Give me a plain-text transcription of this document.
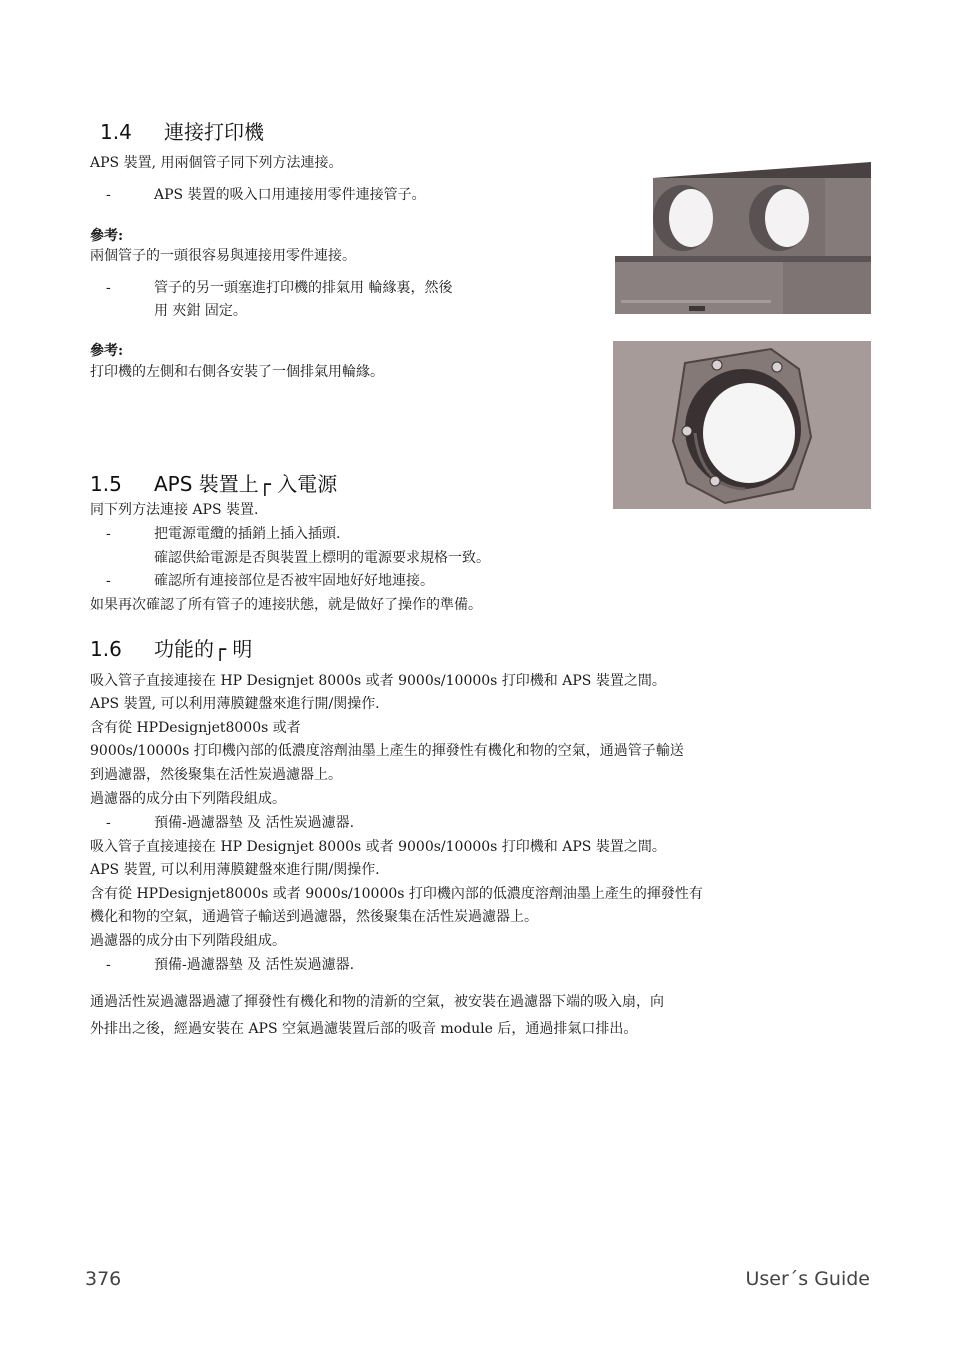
1.4 連接打印機
APS 裝置, 用兩個管子同下列方法連接。
-	APS 裝置的吸入口用連接用零件連接管子。
參考:
兩個管子的一頭很容易與連接用零件連接。
-	管子的另一頭塞進打印機的排氣用 輪緣裏，然後
用 夾鉗 固定。
參考:
打印機的左側和右側各安裝了一個排氣用輪緣。
1.5 APS 裝置上┌ 入電源
同下列方法連接 APS 裝置.
-	把電源電纜的插銷上插入插頭.
確認供給電源是否與裝置上標明的電源要求規格一致。
-	確認所有連接部位是否被牢固地好好地連接。
如果再次確認了所有管子的連接狀態，就是做好了操作的準備。
1.6 功能的┌ 明
吸入管子直接連接在 HP Designjet 8000s 或者 9000s/10000s 打印機和 APS 裝置之間。
APS 裝置, 可以利用薄膜鍵盤來進行開/関操作.
含有從 HPDesignjet8000s 或者
9000s/10000s 打印機內部的低濃度溶劑油墨上產生的揮發性有機化和物的空氣，通過管子輸送
到過濾器，然後聚集在活性炭過濾器上。
過濾器的成分由下列階段組成。
-	預備-過濾器墊 及 活性炭過濾器.
吸入管子直接連接在 HP Designjet 8000s 或者 9000s/10000s 打印機和 APS 裝置之間。
APS 裝置, 可以利用薄膜鍵盤來進行開/関操作.
含有從 HPDesignjet8000s 或者 9000s/10000s 打印機內部的低濃度溶劑油墨上產生的揮發性有
機化和物的空氣，通過管子輸送到過濾器，然後聚集在活性炭過濾器上。
過濾器的成分由下列階段組成。
-	預備-過濾器墊 及 活性炭過濾器.
通過活性炭過濾器過濾了揮發性有機化和物的清新的空氣，被安裝在過濾器下端的吸入扇，向
外排出之後，經過安裝在 APS 空氣過濾裝置后部的吸音 module 后，通過排氣口排出。
376	User´s Guide
